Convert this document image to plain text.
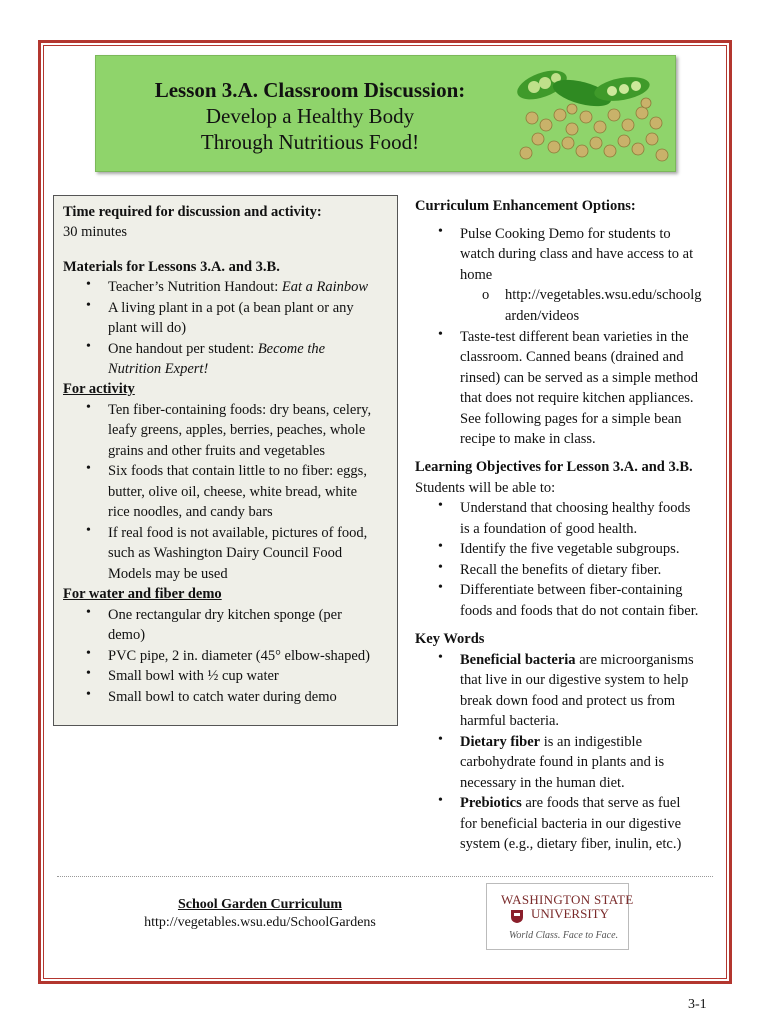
Lesson 3.A. Classroom Discussion:
Develop a Healthy Body
Through Nutritious Food!
Time required for discussion and activity:
30 minutes
Materials for Lessons 3.A. and 3.B.
• Teacher’s Nutrition Handout: Eat a Rainbow
• A living plant in a pot (a bean plant or any
plant will do)
• One handout per student: Become the
Nutrition Expert!
For activity
• Ten fiber-containing foods: dry beans, celery,
leafy greens, apples, berries, peaches, whole
grains and other fruits and vegetables
• Six foods that contain little to no fiber: eggs,
butter, olive oil, cheese, white bread, white
rice noodles, and candy bars
• If real food is not available, pictures of food,
such as Washington Dairy Council Food
Models may be used
For water and fiber demo
• One rectangular dry kitchen sponge (per
demo)
• PVC pipe, 2 in. diameter (45° elbow-shaped)
• Small bowl with ½ cup water
• Small bowl to catch water during demo
Curriculum Enhancement Options:
• Pulse Cooking Demo for students to
watch during class and have access to at
home
o http://vegetables.wsu.edu/schoolg
arden/videos
• Taste-test different bean varieties in the
classroom. Canned beans (drained and
rinsed) can be served as a simple method
that does not require kitchen appliances.
See following pages for a simple bean
recipe to make in class.
Learning Objectives for Lesson 3.A. and 3.B.
Students will be able to:
• Understand that choosing healthy foods
is a foundation of good health.
• Identify the five vegetable subgroups.
• Recall the benefits of dietary fiber.
• Differentiate between fiber-containing
foods and foods that do not contain fiber.
Key Words
• Beneficial bacteria are microorganisms
that live in our digestive system to help
break down food and protect us from
harmful bacteria.
• Dietary fiber is an indigestible
carbohydrate found in plants and is
necessary in the human diet.
• Prebiotics are foods that serve as fuel
for beneficial bacteria in our digestive
system (e.g., dietary fiber, inulin, etc.)
School Garden Curriculum
http://vegetables.wsu.edu/SchoolGardens
WASHINGTON STATE
UNIVERSITY
World Class. Face to Face.
3-1
